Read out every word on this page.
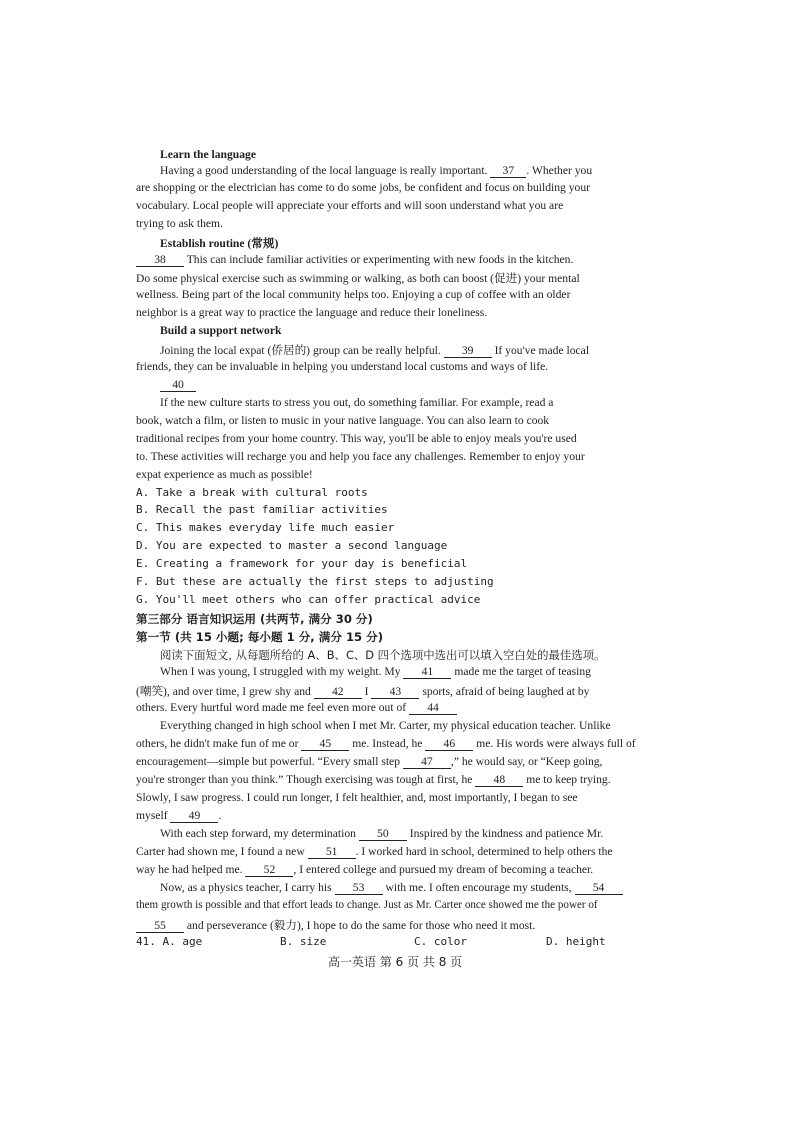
Learn the language
Having a good understanding of the local language is really important. 37 . Whether you
are shopping or the electrician has come to do some jobs, be confident and focus on building your
vocabulary. Local people will appreciate your efforts and will soon understand what you are
trying to ask them.
Establish routine (常规)
38 This can include familiar activities or experimenting with new foods in the kitchen.
Do some physical exercise such as swimming or walking, as both can boost (促进) your mental
wellness. Being part of the local community helps too. Enjoying a cup of coffee with an older
neighbor is a great way to practice the language and reduce their loneliness.
Build a support network
Joining the local expat (侨居的) group can be really helpful. 39 If you've made local
friends, they can be invaluable in helping you understand local customs and ways of life.
40
If the new culture starts to stress you out, do something familiar. For example, read a
book, watch a film, or listen to music in your native language. You can also learn to cook
traditional recipes from your home country. This way, you'll be able to enjoy meals you're used
to. These activities will recharge you and help you face any challenges. Remember to enjoy your
expat experience as much as possible!
A. Take a break with cultural roots
B. Recall the past familiar activities
C. This makes everyday life much easier
D. You are expected to master a second language
E. Creating a framework for your day is beneficial
F. But these are actually the first steps to adjusting
G. You'll meet others who can offer practical advice
第三部分 语言知识运用 (共两节, 满分 30 分)
第一节 (共 15 小题; 每小题 1 分, 满分 15 分)
阅读下面短文, 从每题所给的 A、B、C、D 四个选项中选出可以填入空白处的最佳选项。
When I was young, I struggled with my weight. My 41 made me the target of teasing
(嘲笑), and over time, I grew shy and 42 I 43 sports, afraid of being laughed at by
others. Every hurtful word made me feel even more out of 44
Everything changed in high school when I met Mr. Carter, my physical education teacher. Unlike
others, he didn't make fun of me or 45 me. Instead, he 46 me. His words were always full of
encouragement—simple but powerful. “Every small step 47 ,” he would say, or “Keep going,
you're stronger than you think.” Though exercising was tough at first, he 48 me to keep trying.
Slowly, I saw progress. I could run longer, I felt healthier, and, most importantly, I began to see
myself 49 .
With each step forward, my determination 50 Inspired by the kindness and patience Mr.
Carter had shown me, I found a new 51 . I worked hard in school, determined to help others the
way he had helped me. 52 , I entered college and pursued my dream of becoming a teacher.
Now, as a physics teacher, I carry his 53 with me. I often encourage my students, 54
them growth is possible and that effort leads to change. Just as Mr. Carter once showed me the power of
55 and perseverance (毅力), I hope to do the same for those who need it most.
41. A. age	B. size	C. color	D. height
高一英语 第 6 页 共 8 页
